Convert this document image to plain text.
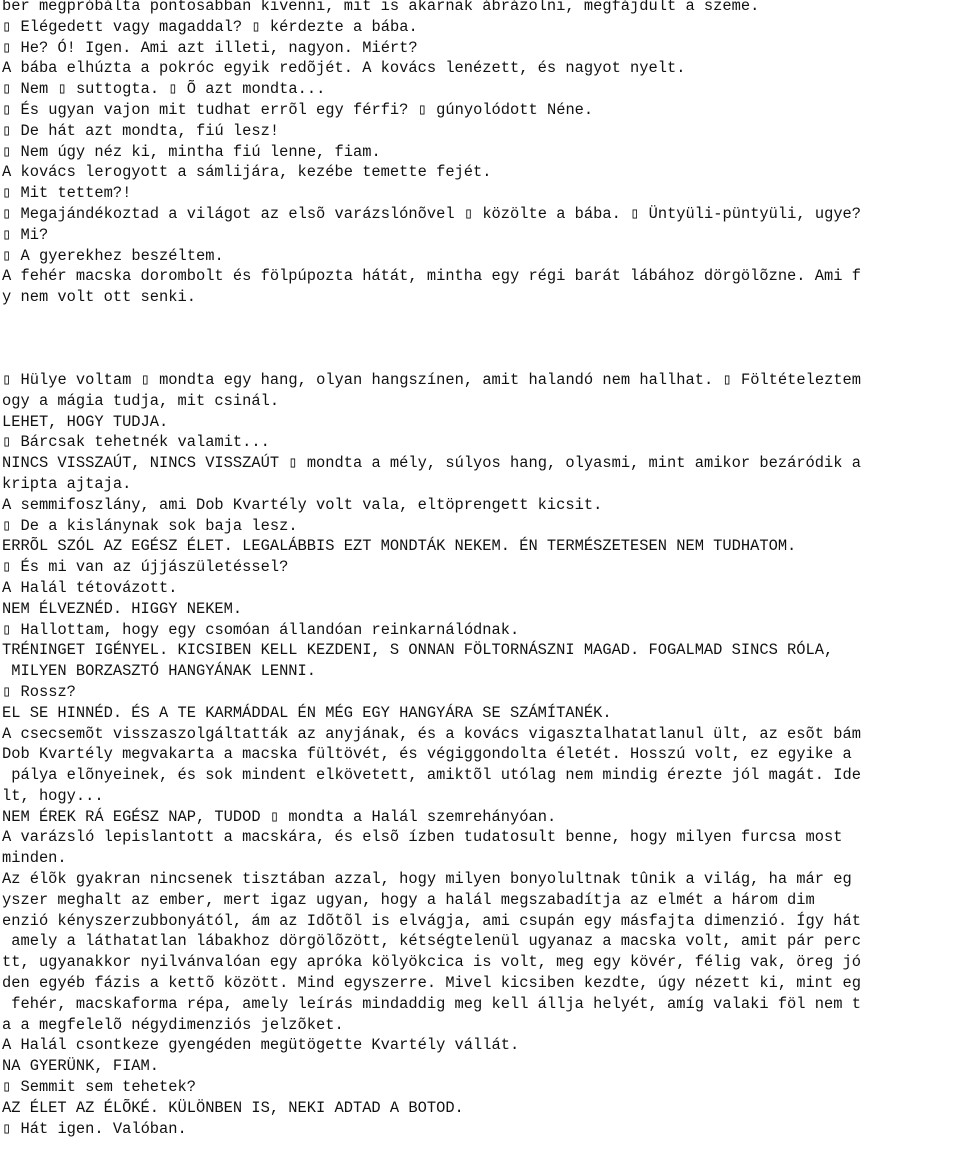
ber megpróbálta pontosabban kivenni, mit is akarnak ábrázolni, megfájdult a szeme.
▯ Elégedett vagy magaddal? ▯ kérdezte a bába.
▯ He? Ó! Igen. Ami azt illeti, nagyon. Miért?
A bába elhúzta a pokróc egyik redõjét. A kovács lenézett, és nagyot nyelt.
▯ Nem ▯ suttogta. ▯ Õ azt mondta...
▯ És ugyan vajon mit tudhat errõl egy férfi? ▯ gúnyolódott Néne.
▯ De hát azt mondta, fiú lesz!
▯ Nem úgy néz ki, mintha fiú lenne, fiam.
A kovács lerogyott a sámlijára, kezébe temette fejét.
▯ Mit tettem?!
▯ Megajándékoztad a világot az elsõ varázslónõvel ▯ közölte a bába. ▯ Üntyüli-püntyüli, ugye?
▯ Mi?
▯ A gyerekhez beszéltem.
A fehér macska dorombolt és fölpúpozta hátát, mintha egy régi barát lábához dörgölõzne. Ami f
y nem volt ott senki.
▯ Hülye voltam ▯ mondta egy hang, olyan hangszínen, amit halandó nem hallhat. ▯ Föltételeztem
ogy a mágia tudja, mit csinál.
LEHET, HOGY TUDJA.
▯ Bárcsak tehetnék valamit...
NINCS VISSZAÚT, NINCS VISSZAÚT ▯ mondta a mély, súlyos hang, olyasmi, mint amikor bezáródik a
kripta ajtaja.
A semmifoszlány, ami Dob Kvartély volt vala, eltöprengett kicsit.
▯ De a kislánynak sok baja lesz.
ERRÕL SZÓL AZ EGÉSZ ÉLET. LEGALÁBBIS EZT MONDTÁK NEKEM. ÉN TERMÉSZETESEN NEM TUDHATOM.
▯ És mi van az újjászületéssel?
A Halál tétovázott.
NEM ÉLVEZNÉD. HIGGY NEKEM.
▯ Hallottam, hogy egy csomóan állandóan reinkarnálódnak.
TRÉNINGET IGÉNYEL. KICSIBEN KELL KEZDENI, S ONNAN FÖLTORNÁSZNI MAGAD. FOGALMAD SINCS RÓLA,
MILYEN BORZASZTÓ HANGYÁNAK LENNI.
▯ Rossz?
EL SE HINNÉD. ÉS A TE KARMÁDDAL ÉN MÉG EGY HANGYÁRA SE SZÁMÍTANÉK.
A csecsemõt visszaszolgáltatták az anyjának, és a kovács vigasztalhatatlanul ült, az esõt bám
Dob Kvartély megvakarta a macska fültövét, és végiggondolta életét. Hosszú volt, ez egyike a
pálya elõnyeinek, és sok mindent elkövetett, amiktõl utólag nem mindig érezte jól magát. Ide
lt, hogy...
NEM ÉREK RÁ EGÉSZ NAP, TUDOD ▯ mondta a Halál szemrehányóan.
A varázsló lepislantott a macskára, és elsõ ízben tudatosult benne, hogy milyen furcsa most
minden.
Az élõk gyakran nincsenek tisztában azzal, hogy milyen bonyolultnak tûnik a világ, ha már eg
yszer meghalt az ember, mert igaz ugyan, hogy a halál megszabadítja az elmét a három dim
enzió kényszerzubbonyától, ám az Idõtõl is elvágja, ami csupán egy másfajta dimenzió. Így hát
amely a láthatatlan lábakhoz dörgölõzött, kétségtelenül ugyanaz a macska volt, amit pár perc
tt, ugyanakkor nyilvánvalóan egy apróka kölyökcica is volt, meg egy kövér, félig vak, öreg jó
den egyéb fázis a kettõ között. Mind egyszerre. Mivel kicsiben kezdte, úgy nézett ki, mint eg
fehér, macskaforma répa, amely leírás mindaddig meg kell állja helyét, amíg valaki föl nem t
a a megfelelõ négydimenziós jelzõket.
A Halál csontkeze gyengéden megütögette Kvartély vállát.
NA GYERÜNK, FIAM.
▯ Semmit sem tehetek?
AZ ÉLET AZ ÉLÕKÉ. KÜLÖNBEN IS, NEKI ADTAD A BOTOD.
▯ Hát igen. Valóban.
